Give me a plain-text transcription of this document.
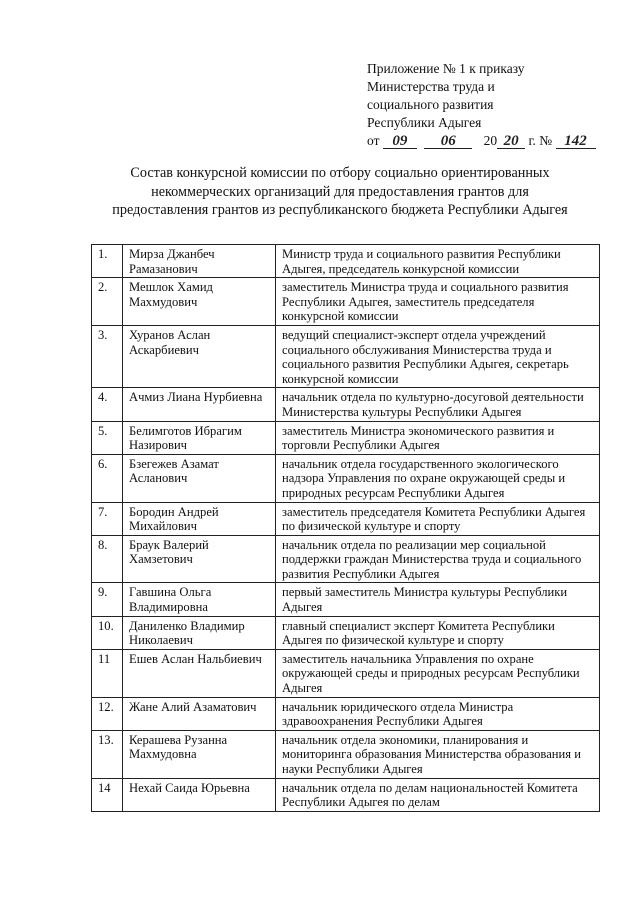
Приложение № 1 к приказу
Министерства труда и
социального развития
Республики Адыгея
от 09 06 20 20 г. № 142
Состав конкурсной комиссии по отбору социально ориентированных
некоммерческих организаций для предоставления грантов для
предоставления грантов из республиканского бюджета Республики Адыгея
1.	Мирза Джанбеч Рамазанович	Министр труда и социального развития Республики Адыгея, председатель конкурсной комиссии
2.	Мешлок Хамид Махмудович	заместитель Министра труда и социального развития Республики Адыгея, заместитель председателя конкурсной комиссии
3.	Хуранов Аслан Аскарбиевич	ведущий специалист-эксперт отдела учреждений социального обслуживания Министерства труда и социального развития Республики Адыгея, секретарь конкурсной комиссии
4.	Ачмиз Лиана Нурбиевна	начальник отдела по культурно-досуговой деятельности Министерства культуры Республики Адыгея
5.	Белимготов Ибрагим Назирович	заместитель Министра экономического развития и торговли Республики Адыгея
6.	Бзегежев Азамат Асланович	начальник отдела государственного экологического надзора Управления по охране окружающей среды и природных ресурсам Республики Адыгея
7.	Бородин Андрей Михайлович	заместитель председателя Комитета Республики Адыгея по физической культуре и спорту
8.	Браук Валерий Хамзетович	начальник отдела по реализации мер социальной поддержки граждан Министерства труда и социального развития Республики Адыгея
9.	Гавшина Ольга Владимировна	первый заместитель Министра культуры Республики Адыгея
10.	Даниленко Владимир Николаевич	главный специалист эксперт Комитета Республики Адыгея по физической культуре и спорту
11	Ешев Аслан Нальбиевич	заместитель начальника Управления по охране окружающей среды и природных ресурсам Республики Адыгея
12.	Жане Алий Азаматович	начальник юридического отдела Министра здравоохранения Республики Адыгея
13.	Керашева Рузанна Махмудовна	начальник отдела экономики, планирования и мониторинга образования Министерства образования и науки Республики Адыгея
14	Нехай Саида Юрьевна	начальник отдела по делам национальностей Комитета Республики Адыгея по делам
